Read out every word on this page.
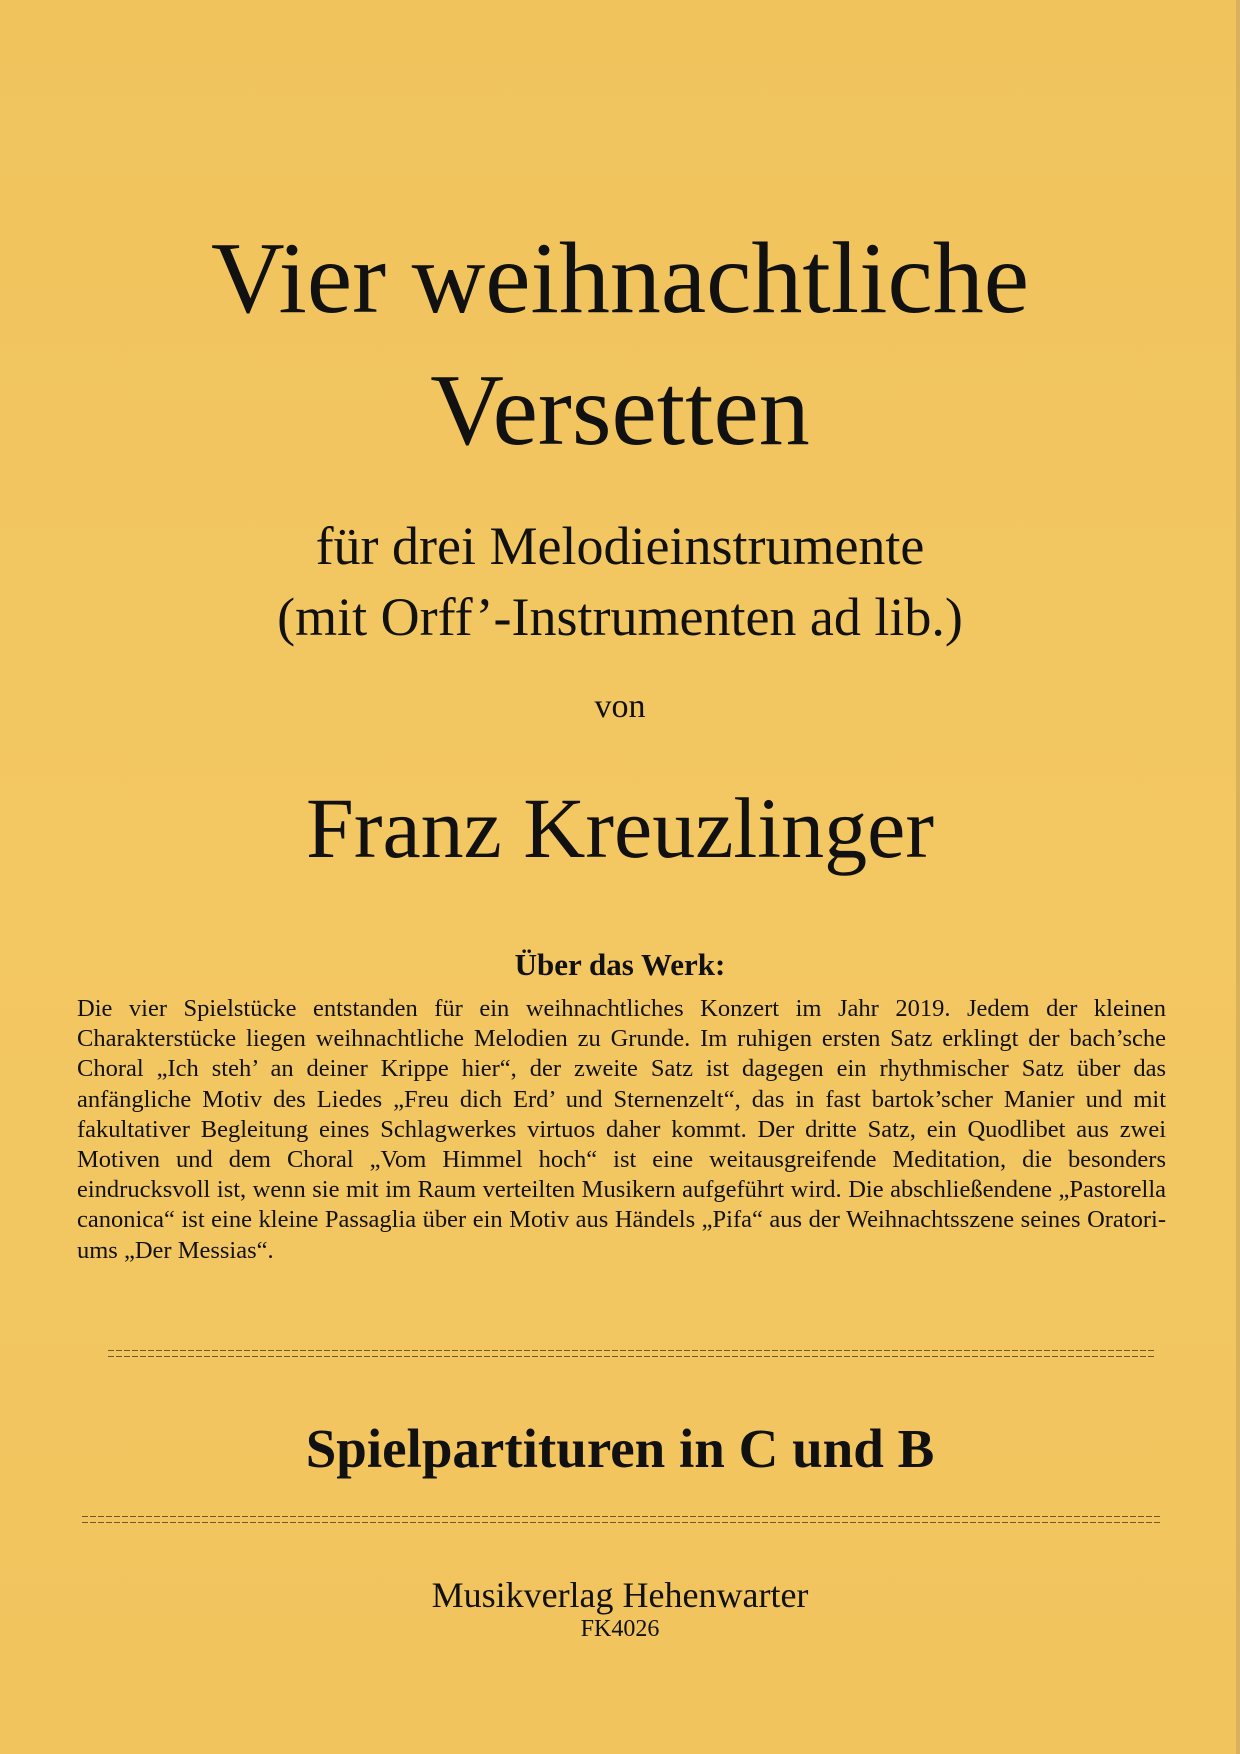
Vier weihnachtliche
Versetten
für drei Melodieinstrumente
(mit Orff’-Instrumenten ad lib.)
von
Franz Kreuzlinger
Über das Werk:

Die vier Spielstücke entstanden für ein weihnachtliches Konzert im Jahr 2019. Jedem der kleinen Charakterstücke liegen weihnachtliche Melodien zu Grunde. Im ruhigen ersten Satz erklingt der bach’sche Choral „Ich steh’ an deiner Krippe hier“, der zweite Satz ist dagegen ein rhythmischer Satz über das anfängliche Motiv des Liedes „Freu dich Erd’ und Sternenzelt“, das in fast bartok’scher Manier und mit fakultativer Begleitung eines Schlagwerkes virtuos daher kommt. Der dritte Satz, ein Quodlibet aus zwei Motiven und dem Choral „Vom Himmel hoch“ ist eine weitausgreifende Meditation, die besonders eindrucksvoll ist, wenn sie mit im Raum verteilten Musikern aufgeführt wird. Die abschließendene „Pastorella canonica“ ist eine kleine Passaglia über ein Motiv aus Händels „Pifa“ aus der Weihnachtsszene seines Oratoriums „Der Messias“.

Spielpartituren in C und B
Musikverlag Hehenwarter
FK4026
